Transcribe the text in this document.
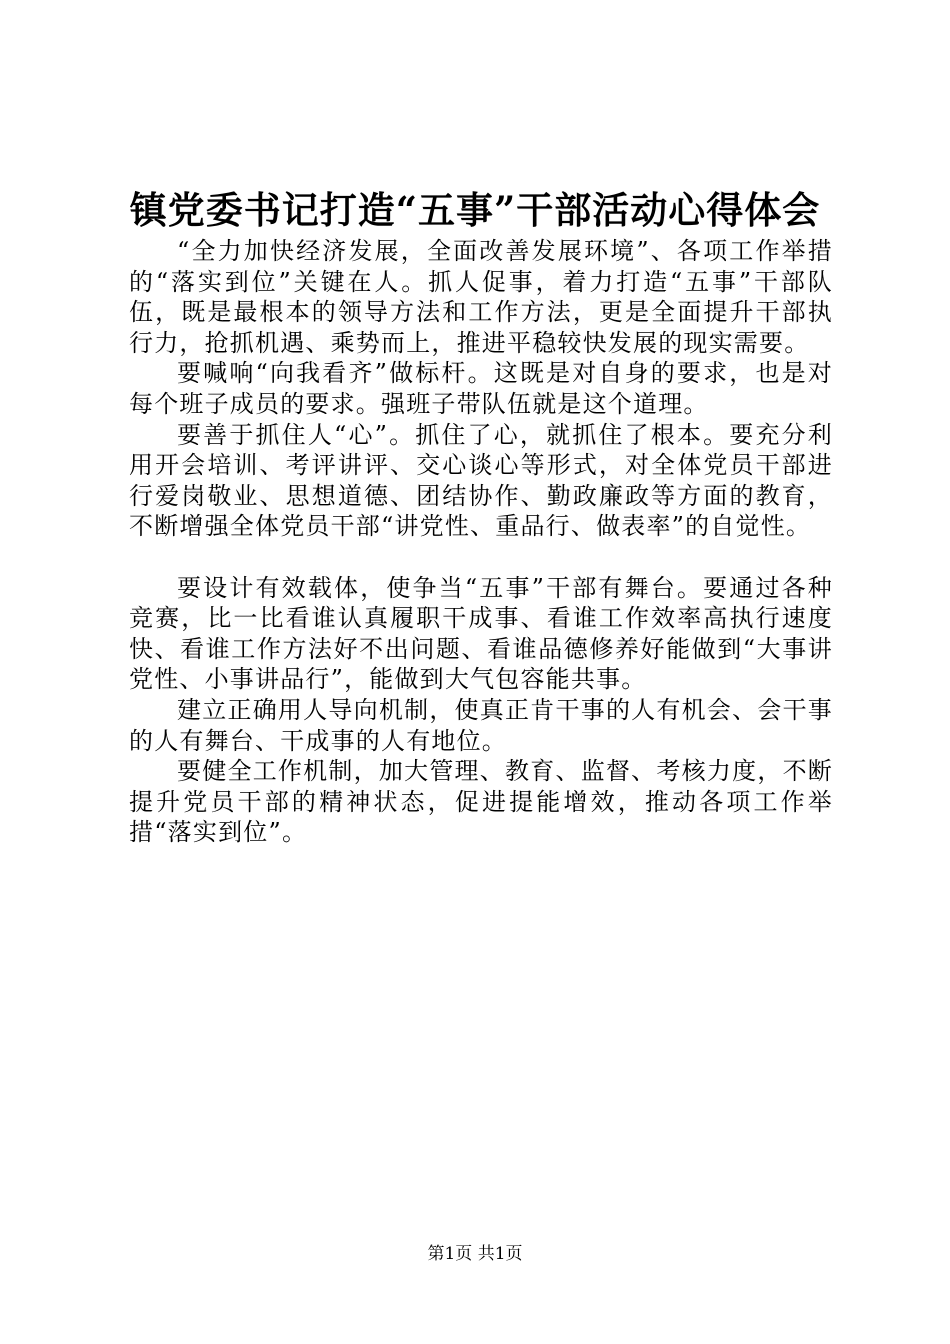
镇党委书记打造“五事”干部活动心得体会

“全力加快经济发展，全面改善发展环境”、各项工作举措的“落实到位”关键在人。抓人促事，着力打造“五事”干部队伍，既是最根本的领导方法和工作方法，更是全面提升干部执行力，抢抓机遇、乘势而上，推进平稳较快发展的现实需要。

要喊响“向我看齐”做标杆。这既是对自身的要求，也是对每个班子成员的要求。强班子带队伍就是这个道理。

要善于抓住人“心”。抓住了心，就抓住了根本。要充分利用开会培训、考评讲评、交心谈心等形式，对全体党员干部进行爱岗敬业、思想道德、团结协作、勤政廉政等方面的教育，不断增强全体党员干部“讲党性、重品行、做表率”的自觉性。

要设计有效载体，使争当“五事”干部有舞台。要通过各种竞赛，比一比看谁认真履职干成事、看谁工作效率高执行速度快、看谁工作方法好不出问题、看谁品德修养好能做到“大事讲党性、小事讲品行”，能做到大气包容能共事。

建立正确用人导向机制，使真正肯干事的人有机会、会干事的人有舞台、干成事的人有地位。

要健全工作机制，加大管理、教育、监督、考核力度，不断提升党员干部的精神状态，促进提能增效，推动各项工作举措“落实到位”。

第1页 共1页
